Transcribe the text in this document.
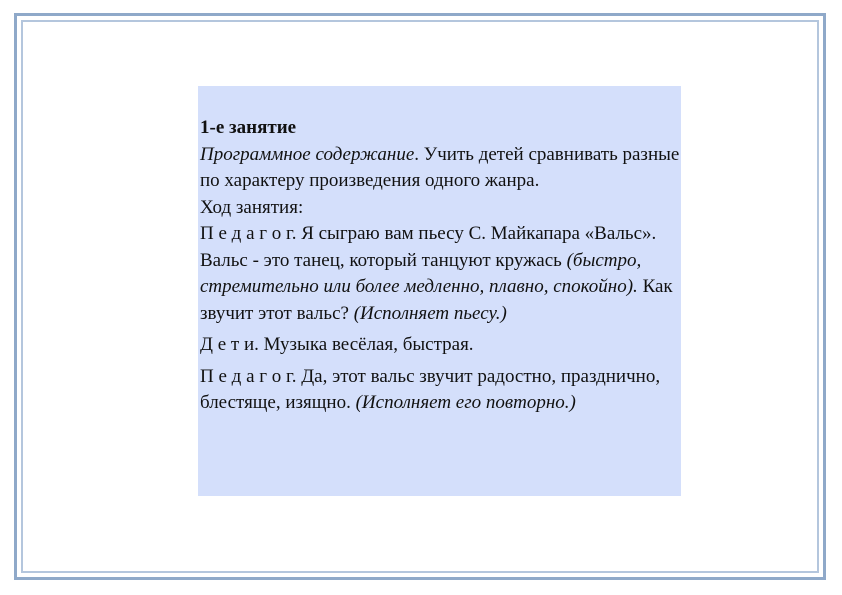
1-е занятие

Программное содержание. Учить детей сравнивать разные по характеру произведения одного жанра.

Ход занятия:

П е д а г о г. Я сыграю вам пьесу С. Майкапара «Вальс». Вальс - это танец, который танцуют кружась (быстро, стремительно или более медленно, плавно, спокойно). Как звучит этот вальс? (Исполняет пьесу.)

Д е т и. Музыка весёлая, быстрая.

П е д а г о г. Да, этот вальс звучит радостно, празднично, блестяще, изящно. (Исполняет его повторно.)
